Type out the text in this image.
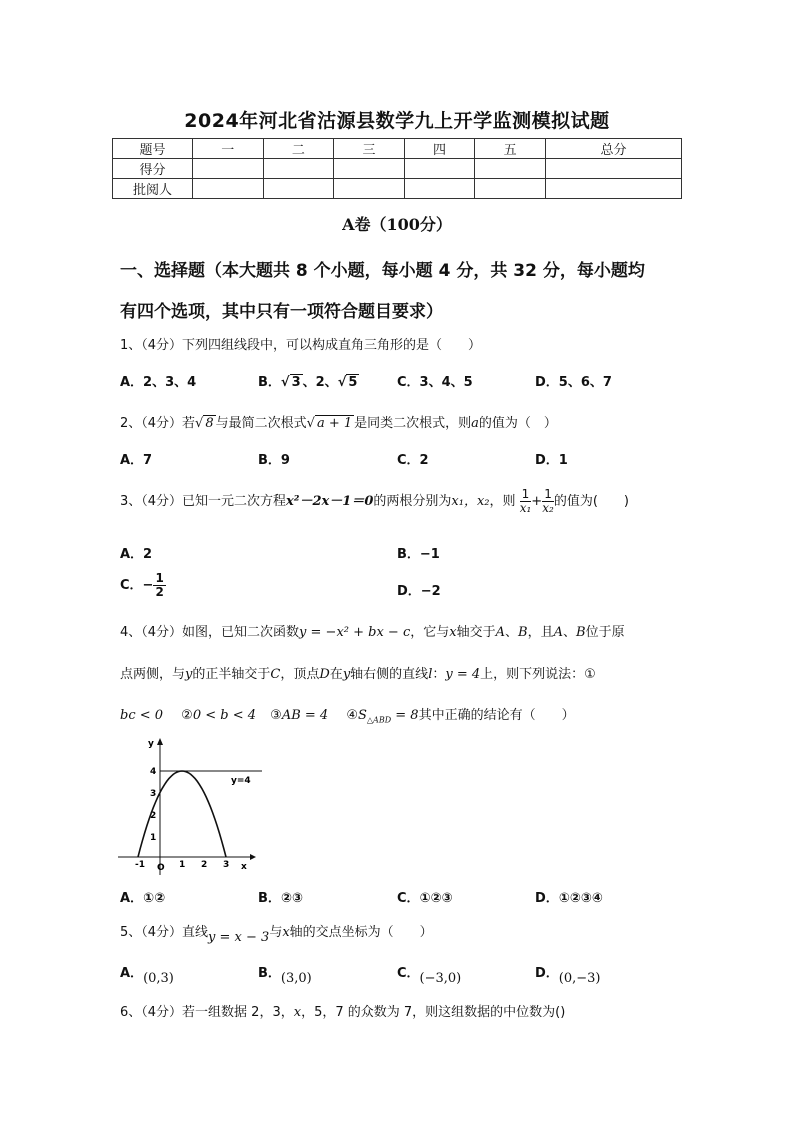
2024年河北省沽源县数学九上开学监测模拟试题
题号	一	二	三	四	五	总分
得分						
批阅人						
A卷（100分）
一、选择题（本大题共 8 个小题，每小题 4 分，共 32 分，每小题均
有四个选项，其中只有一项符合题目要求）
1、（4分）下列四组线段中，可以构成直角三角形的是（　　）
A．2、3、4	B．√ 3 、2、√ 5	C．3、4、5	D．5、6、7
2、（4分）若√ 8 与最简二次根式√ a + 1 是同类二次根式，则a的值为（　）
A．7	B．9	C．2	D．1
3、（4分）已知一元二次方程x²－2x－1＝0的两根分别为x₁，x₂，则 $\frac{1}{\text{x₁}} + \frac{1}{\text{x₂}}$ 的值为(　　)
A．2	B．−1
C．− $\frac{1}{2}$	D．−2
4、（4分）如图，已知二次函数y = −x² + bx − c，它与x轴交于A、B，且A、B位于原
点两侧，与y的正半轴交于C，顶点D在y轴右侧的直线l：y = 4上，则下列说法：①
bc < 0 ②0 < b < 4 ③AB = 4 $④S_{\triangle ABD} = 8$其中正确的结论有（　　）
y
x
1
2
3
4
-1 O 1 2 3
y=4
A．①②	B．②③	C．①②③	D．①②③④
5、（4分）直线y = x − 3与x轴的交点坐标为（　　）
A．(0,3)	B．(3,0)	C．(−3,0)	D．(0,−3)
6、（4分）若一组数据 2，3，x，5，7 的众数为 7，则这组数据的中位数为()
